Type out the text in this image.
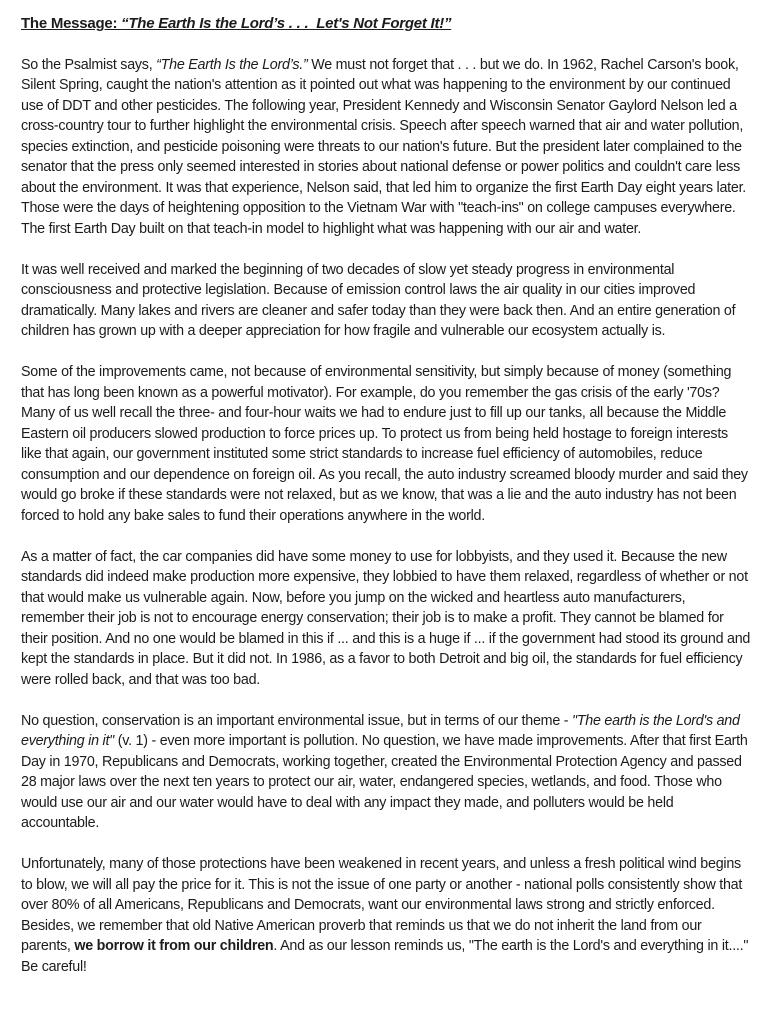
The Message: “The Earth Is the Lord’s . . .  Let's Not Forget It!”

So the Psalmist says, “The Earth Is the Lord’s.” We must not forget that . . . but we do. In 1962, Rachel Carson's book, Silent Spring, caught the nation's attention as it pointed out what was happening to the environment by our continued use of DDT and other pesticides. The following year, President Kennedy and Wisconsin Senator Gaylord Nelson led a cross-country tour to further highlight the environmental crisis. Speech after speech warned that air and water pollution, species extinction, and pesticide poisoning were threats to our nation's future. But the president later complained to the senator that the press only seemed interested in stories about national defense or power politics and couldn't care less about the environment. It was that experience, Nelson said, that led him to organize the first Earth Day eight years later. Those were the days of heightening opposition to the Vietnam War with "teach-ins" on college campuses everywhere. The first Earth Day built on that teach-in model to highlight what was happening with our air and water.

It was well received and marked the beginning of two decades of slow yet steady progress in environmental consciousness and protective legislation. Because of emission control laws the air quality in our cities improved dramatically. Many lakes and rivers are cleaner and safer today than they were back then. And an entire generation of children has grown up with a deeper appreciation for how fragile and vulnerable our ecosystem actually is.

Some of the improvements came, not because of environmental sensitivity, but simply because of money (something that has long been known as a powerful motivator). For example, do you remember the gas crisis of the early '70s? Many of us well recall the three- and four-hour waits we had to endure just to fill up our tanks, all because the Middle Eastern oil producers slowed production to force prices up. To protect us from being held hostage to foreign interests like that again, our government instituted some strict standards to increase fuel efficiency of automobiles, reduce consumption and our dependence on foreign oil. As you recall, the auto industry screamed bloody murder and said they would go broke if these standards were not relaxed, but as we know, that was a lie and the auto industry has not been forced to hold any bake sales to fund their operations anywhere in the world.

As a matter of fact, the car companies did have some money to use for lobbyists, and they used it. Because the new standards did indeed make production more expensive, they lobbied to have them relaxed, regardless of whether or not that would make us vulnerable again. Now, before you jump on the wicked and heartless auto manufacturers, remember their job is not to encourage energy conservation; their job is to make a profit. They cannot be blamed for their position. And no one would be blamed in this if ... and this is a huge if ... if the government had stood its ground and kept the standards in place. But it did not. In 1986, as a favor to both Detroit and big oil, the standards for fuel efficiency were rolled back, and that was too bad.

No question, conservation is an important environmental issue, but in terms of our theme - "The earth is the Lord's and everything in it" (v. 1) - even more important is pollution. No question, we have made improvements. After that first Earth Day in 1970, Republicans and Democrats, working together, created the Environmental Protection Agency and passed 28 major laws over the next ten years to protect our air, water, endangered species, wetlands, and food. Those who would use our air and our water would have to deal with any impact they made, and polluters would be held accountable.

Unfortunately, many of those protections have been weakened in recent years, and unless a fresh political wind begins to blow, we will all pay the price for it. This is not the issue of one party or another - national polls consistently show that over 80% of all Americans, Republicans and Democrats, want our environmental laws strong and strictly enforced. Besides, we remember that old Native American proverb that reminds us that we do not inherit the land from our parents, we borrow it from our children. And as our lesson reminds us, "The earth is the Lord's and everything in it...." Be careful!
